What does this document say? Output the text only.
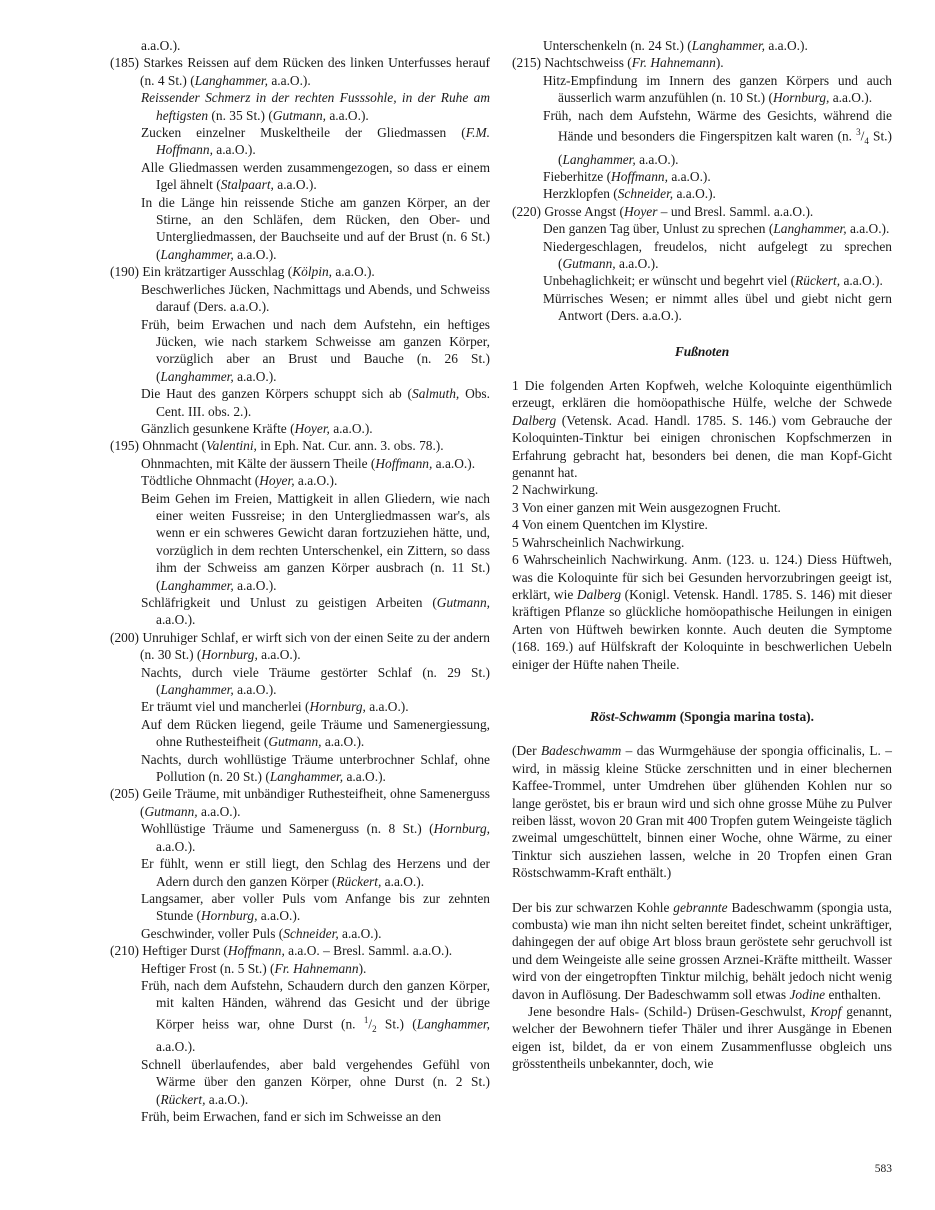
a.a.O.).

(185) Starkes Reissen auf dem Rücken des linken Unterfusses herauf (n. 4 St.) (Langhammer, a.a.O.).

Reissender Schmerz in der rechten Fusssohle, in der Ruhe am heftigsten (n. 35 St.) (Gutmann, a.a.O.).

Zucken einzelner Muskeltheile der Gliedmassen (F.M. Hoffmann, a.a.O.).

Alle Gliedmassen werden zusammengezogen, so dass er einem Igel ähnelt (Stalpaart, a.a.O.).

In die Länge hin reissende Stiche am ganzen Körper, an der Stirne, an den Schläfen, dem Rücken, den Ober- und Untergliedmassen, der Bauchseite und auf der Brust (n. 6 St.) (Langhammer, a.a.O.).

(190) Ein krätzartiger Ausschlag (Kölpin, a.a.O.).

Beschwerliches Jücken, Nachmittags und Abends, und Schweiss darauf (Ders. a.a.O.).

Früh, beim Erwachen und nach dem Aufstehn, ein heftiges Jücken, wie nach starkem Schweisse am ganzen Körper, vorzüglich aber an Brust und Bauche (n. 26 St.) (Langhammer, a.a.O.).

Die Haut des ganzen Körpers schuppt sich ab (Salmuth, Obs. Cent. III. obs. 2.).

Gänzlich gesunkene Kräfte (Hoyer, a.a.O.).

(195) Ohnmacht (Valentini, in Eph. Nat. Cur. ann. 3. obs. 78.).

Ohnmachten, mit Kälte der äussern Theile (Hoffmann, a.a.O.).

Tödtliche Ohnmacht (Hoyer, a.a.O.).

Beim Gehen im Freien, Mattigkeit in allen Gliedern, wie nach einer weiten Fussreise; in den Untergliedmassen war's, als wenn er ein schweres Gewicht daran fortzuziehen hätte, und, vorzüglich in dem rechten Unterschenkel, ein Zittern, so dass ihm der Schweiss am ganzen Körper ausbrach (n. 11 St.) (Langhammer, a.a.O.).

Schläfrigkeit und Unlust zu geistigen Arbeiten (Gutmann, a.a.O.).

(200) Unruhiger Schlaf, er wirft sich von der einen Seite zu der andern (n. 30 St.) (Hornburg, a.a.O.).

Nachts, durch viele Träume gestörter Schlaf (n. 29 St.) (Langhammer, a.a.O.).

Er träumt viel und mancherlei (Hornburg, a.a.O.).

Auf dem Rücken liegend, geile Träume und Samenergiessung, ohne Ruthesteifheit (Gutmann, a.a.O.).

Nachts, durch wohllüstige Träume unterbrochner Schlaf, ohne Pollution (n. 20 St.) (Langhammer, a.a.O.).

(205) Geile Träume, mit unbändiger Ruthesteifheit, ohne Samenerguss (Gutmann, a.a.O.).

Wohllüstige Träume und Samenerguss (n. 8 St.) (Hornburg, a.a.O.).

Er fühlt, wenn er still liegt, den Schlag des Herzens und der Adern durch den ganzen Körper (Rückert, a.a.O.).

Langsamer, aber voller Puls vom Anfange bis zur zehnten Stunde (Hornburg, a.a.O.).

Geschwinder, voller Puls (Schneider, a.a.O.).

(210) Heftiger Durst (Hoffmann, a.a.O. – Bresl. Samml. a.a.O.).

Heftiger Frost (n. 5 St.) (Fr. Hahnemann).

Früh, nach dem Aufstehn, Schaudern durch den ganzen Körper, mit kalten Händen, während das Gesicht und der übrige Körper heiss war, ohne Durst (n. $^1/_2$ St.) (Langhammer, a.a.O.).

Schnell überlaufendes, aber bald vergehendes Gefühl von Wärme über den ganzen Körper, ohne Durst (n. 2 St.) (Rückert, a.a.O.).

Früh, beim Erwachen, fand er sich im Schweisse an den

Unterschenkeln (n. 24 St.) (Langhammer, a.a.O.).

(215) Nachtschweiss (Fr. Hahnemann).

Hitz-Empfindung im Innern des ganzen Körpers und auch äusserlich warm anzufühlen (n. 10 St.) (Hornburg, a.a.O.).

Früh, nach dem Aufstehn, Wärme des Gesichts, während die Hände und besonders die Fingerspitzen kalt waren (n. $^3/_4$ St.) (Langhammer, a.a.O.).

Fieberhitze (Hoffmann, a.a.O.).

Herzklopfen (Schneider, a.a.O.).

(220) Grosse Angst (Hoyer – und Bresl. Samml. a.a.O.).

Den ganzen Tag über, Unlust zu sprechen (Langhammer, a.a.O.).

Niedergeschlagen, freudelos, nicht aufgelegt zu sprechen (Gutmann, a.a.O.).

Unbehaglichkeit; er wünscht und begehrt viel (Rückert, a.a.O.).

Mürrisches Wesen; er nimmt alles übel und giebt nicht gern Antwort (Ders. a.a.O.).

Fußnoten

1 Die folgenden Arten Kopfweh, welche Koloquinte eigenthümlich erzeugt, erklären die homöopathische Hülfe, welche der Schwede Dalberg (Vetensk. Acad. Handl. 1785. S. 146.) vom Gebrauche der Koloquinten-Tinktur bei einigen chronischen Kopfschmerzen in Erfahrung gebracht hat, besonders bei denen, die man Kopf-Gicht genannt hat.

2 Nachwirkung.

3 Von einer ganzen mit Wein ausgezognen Frucht.

4 Von einem Quentchen im Klystire.

5 Wahrscheinlich Nachwirkung.

6 Wahrscheinlich Nachwirkung. Anm. (123. u. 124.) Diess Hüftweh, was die Koloquinte für sich bei Gesunden hervorzubringen geeigt ist, erklärt, wie Dalberg (Konigl. Vetensk. Handl. 1785. S. 146) mit dieser kräftigen Pflanze so glückliche homöopathische Heilungen in einigen Arten von Hüftweh bewirken konnte. Auch deuten die Symptome (168. 169.) auf Hülfskraft der Koloquinte in beschwerlichen Uebeln einiger der Hüfte nahen Theile.

Röst-Schwamm (Spongia marina tosta).

(Der Badeschwamm – das Wurmgehäuse der spongia officinalis, L. – wird, in mässig kleine Stücke zerschnitten und in einer blechernen Kaffee-Trommel, unter Umdrehen über glühenden Kohlen nur so lange geröstet, bis er braun wird und sich ohne grosse Mühe zu Pulver reiben lässt, wovon 20 Gran mit 400 Tropfen gutem Weingeiste täglich zweimal umgeschüttelt, binnen einer Woche, ohne Wärme, zu einer Tinktur sich ausziehen lassen, welche in 20 Tropfen einen Gran Röstschwamm-Kraft enthält.)

Der bis zur schwarzen Kohle gebrannte Badeschwamm (spongia usta, combusta) wie man ihn nicht selten bereitet findet, scheint unkräftiger, dahingegen der auf obige Art bloss braun geröstete sehr geruchvoll ist und dem Weingeiste alle seine grossen Arznei-Kräfte mittheilt. Wasser wird von der eingetropften Tinktur milchig, behält jedoch nicht wenig davon in Auflösung. Der Badeschwamm soll etwas Jodine enthalten.

Jene besondre Hals- (Schild-) Drüsen-Geschwulst, Kropf genannt, welcher der Bewohnern tiefer Thäler und ihrer Ausgänge in Ebenen eigen ist, bildet, da er von einem Zusammenflusse obgleich uns grösstentheils unbekannter, doch, wie

583
